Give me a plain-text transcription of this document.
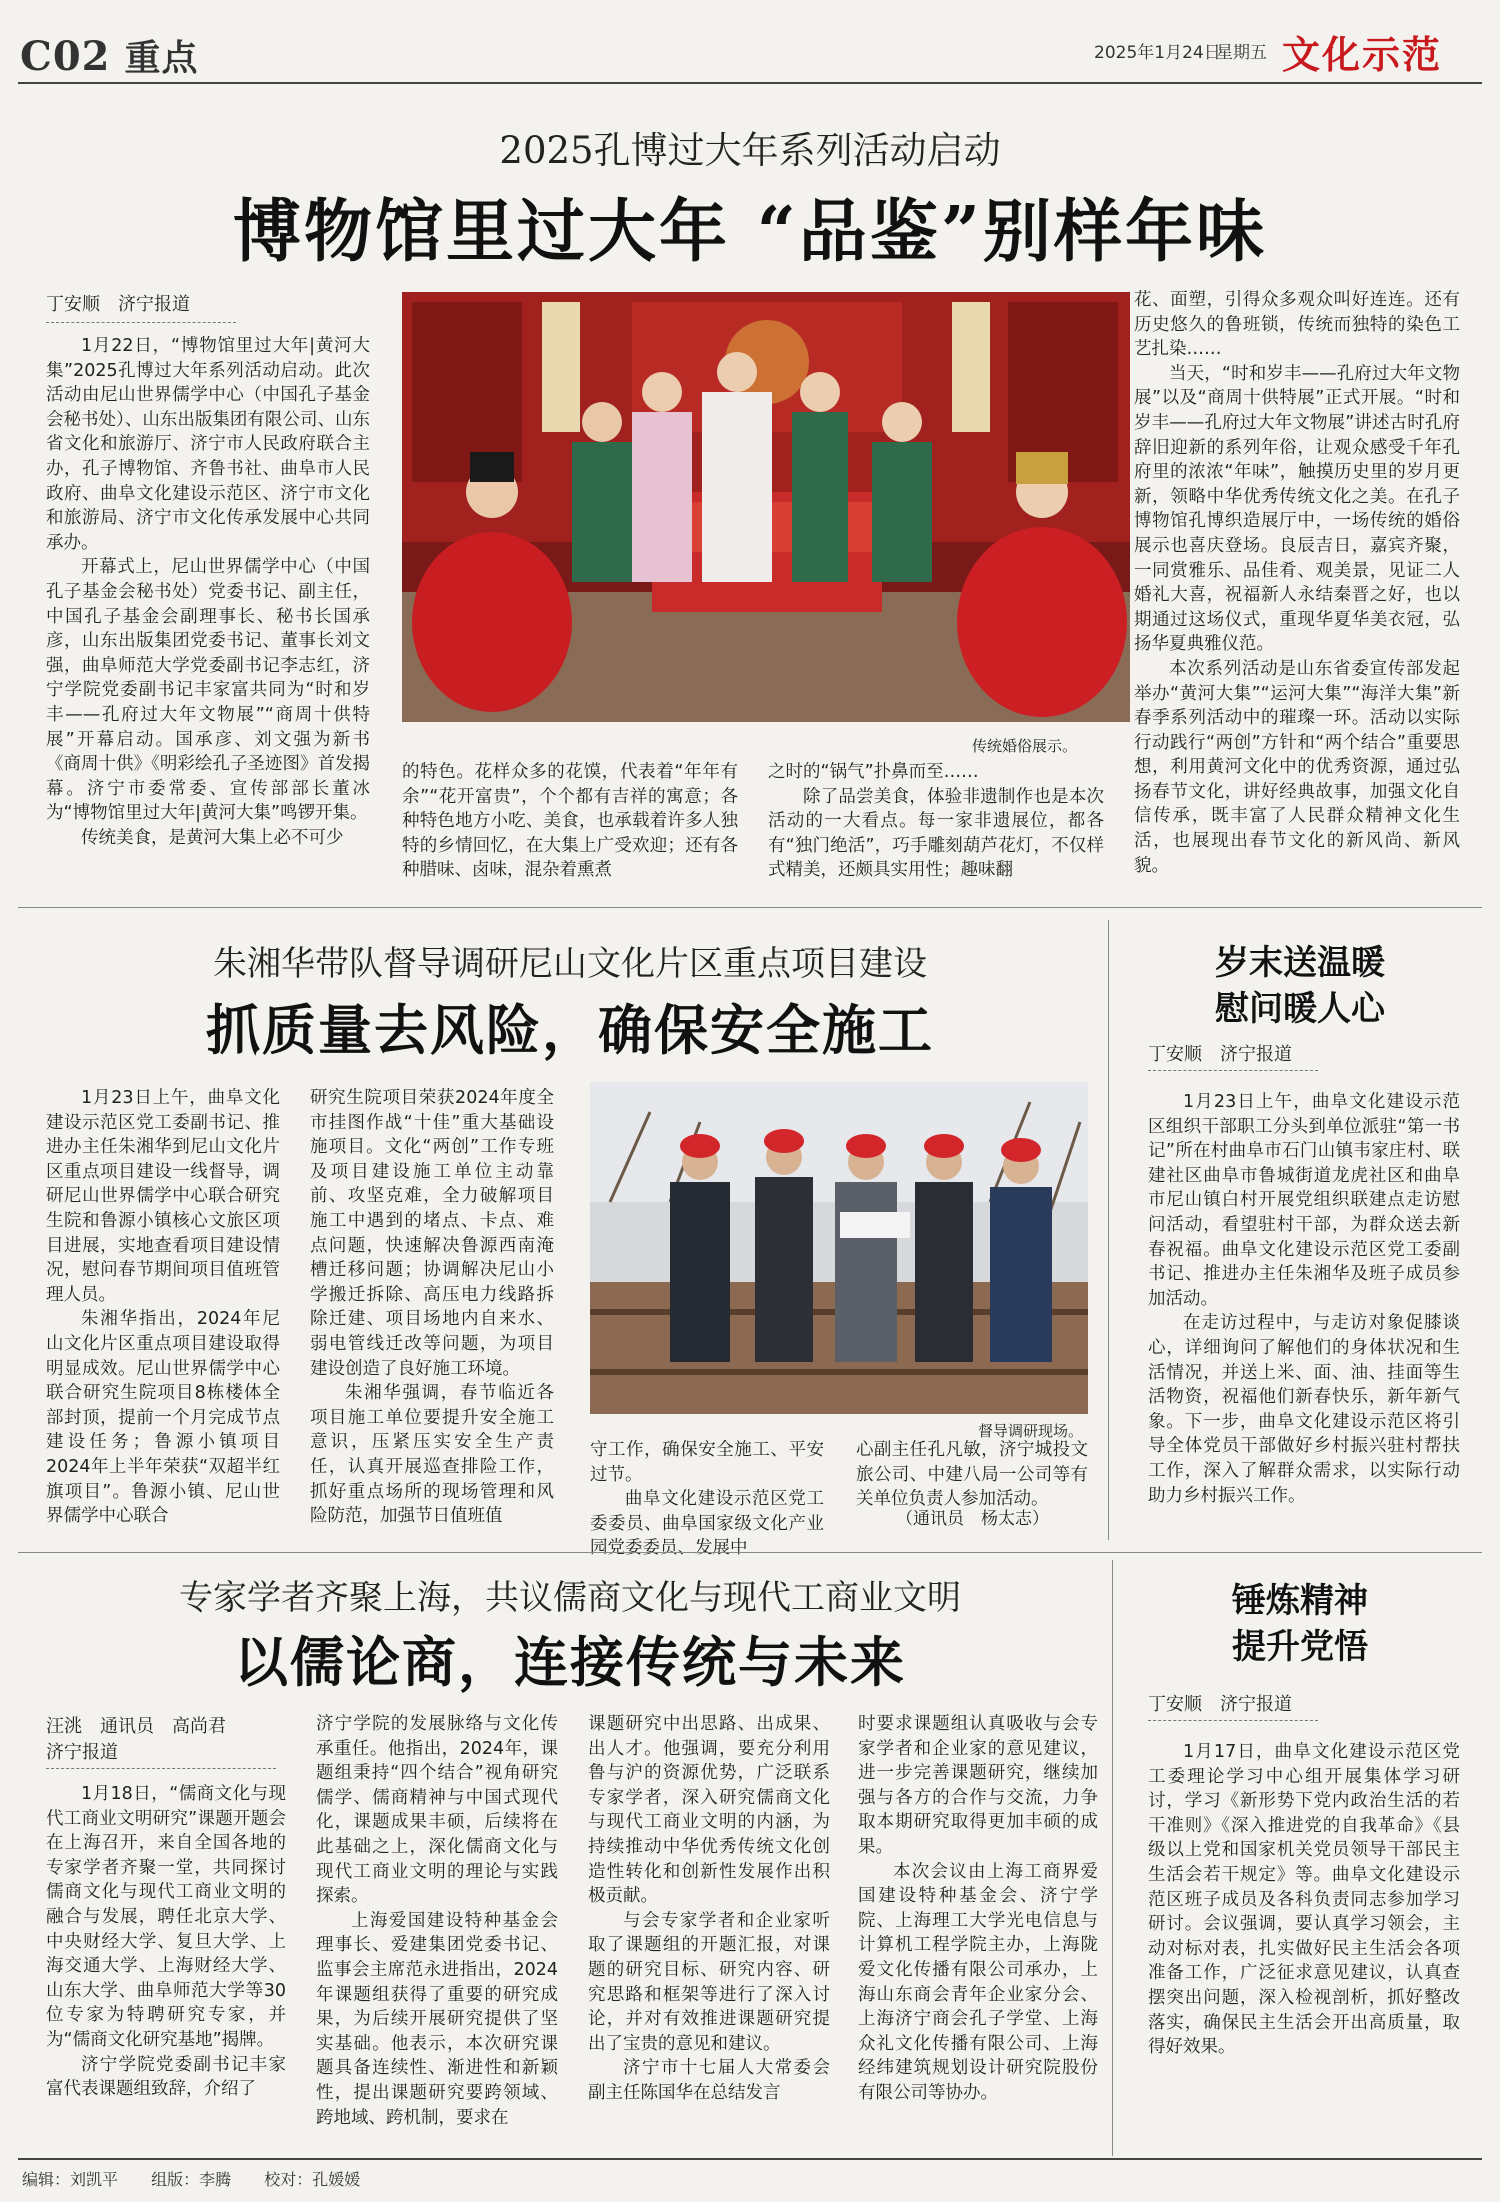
C02 重点	2025年1月24日
星期五 文化示范
2025孔博过大年系列活动启动
博物馆里过大年 “品鉴”别样年味
丁安顺　济宁报道

1月22日，“博物馆里过大年|黄河大集”2025孔博过大年系列活动启动。此次活动由尼山世界儒学中心（中国孔子基金会秘书处）、山东出版集团有限公司、山东省文化和旅游厅、济宁市人民政府联合主办，孔子博物馆、齐鲁书社、曲阜市人民政府、曲阜文化建设示范区、济宁市文化和旅游局、济宁市文化传承发展中心共同承办。

开幕式上，尼山世界儒学中心（中国孔子基金会秘书处）党委书记、副主任，中国孔子基金会副理事长、秘书长国承彦，山东出版集团党委书记、董事长刘文强，曲阜师范大学党委副书记李志红，济宁学院党委副书记丰家富共同为“时和岁丰——孔府过大年文物展”“商周十供特展”开幕启动。国承彦、刘文强为新书《商周十供》《明彩绘孔子圣迹图》首发揭幕。济宁市委常委、宣传部部长董冰为“博物馆里过大年|黄河大集”鸣锣开集。

传统美食，是黄河大集上必不可少

传统婚俗展示。

的特色。花样众多的花馍，代表着“年年有余”“花开富贵”，个个都有吉祥的寓意；各种特色地方小吃、美食，也承载着许多人独特的乡情回忆，在大集上广受欢迎；还有各种腊味、卤味，混杂着熏煮

之时的“锅气”扑鼻而至……

除了品尝美食，体验非遗制作也是本次活动的一大看点。每一家非遗展位，都各有“独门绝活”，巧手雕刻葫芦花灯，不仅样式精美，还颇具实用性；趣味翻

花、面塑，引得众多观众叫好连连。还有历史悠久的鲁班锁，传统而独特的染色工艺扎染……

当天，“时和岁丰——孔府过大年文物展”以及“商周十供特展”正式开展。“时和岁丰——孔府过大年文物展”讲述古时孔府辞旧迎新的系列年俗，让观众感受千年孔府里的浓浓“年味”，触摸历史里的岁月更新，领略中华优秀传统文化之美。在孔子博物馆孔博织造展厅中，一场传统的婚俗展示也喜庆登场。良辰吉日，嘉宾齐聚，一同赏雅乐、品佳肴、观美景，见证二人婚礼大喜，祝福新人永结秦晋之好，也以期通过这场仪式，重现华夏华美衣冠，弘扬华夏典雅仪范。

本次系列活动是山东省委宣传部发起举办“黄河大集”“运河大集”“海洋大集”新春季系列活动中的璀璨一环。活动以实际行动践行“两创”方针和“两个结合”重要思想，利用黄河文化中的优秀资源，通过弘扬春节文化，讲好经典故事，加强文化自信传承，既丰富了人民群众精神文化生活，也展现出春节文化的新风尚、新风貌。

朱湘华带队督导调研尼山文化片区重点项目建设
抓质量去风险，确保安全施工

1月23日上午，曲阜文化建设示范区党工委副书记、推进办主任朱湘华到尼山文化片区重点项目建设一线督导，调研尼山世界儒学中心联合研究生院和鲁源小镇核心文旅区项目进展，实地查看项目建设情况，慰问春节期间项目值班管理人员。

朱湘华指出，2024年尼山文化片区重点项目建设取得明显成效。尼山世界儒学中心联合研究生院项目8栋楼体全部封顶，提前一个月完成节点建设任务；鲁源小镇项目2024年上半年荣获“双超半红旗项目”。鲁源小镇、尼山世界儒学中心联合

研究生院项目荣获2024年度全市挂图作战“十佳”重大基础设施项目。文化“两创”工作专班及项目建设施工单位主动靠前、攻坚克难，全力破解项目施工中遇到的堵点、卡点、难点问题，快速解决鲁源西南淹槽迁移问题；协调解决尼山小学搬迁拆除、高压电力线路拆除迁建、项目场地内自来水、弱电管线迁改等问题，为项目建设创造了良好施工环境。

朱湘华强调，春节临近各项目施工单位要提升安全施工意识，压紧压实安全生产责任，认真开展巡查排险工作，抓好重点场所的现场管理和风险防范，加强节日值班值

督导调研现场。

守工作，确保安全施工、平安过节。

曲阜文化建设示范区党工委委员、曲阜国家级文化产业园党委委员、发展中

心副主任孔凡敏，济宁城投文旅公司、中建八局一公司等有关单位负责人参加活动。

（通讯员　杨太志）
岁末送温暖
慰问暖人心
丁安顺　济宁报道

1月23日上午，曲阜文化建设示范区组织干部职工分头到单位派驻“第一书记”所在村曲阜市石门山镇韦家庄村、联建社区曲阜市鲁城街道龙虎社区和曲阜市尼山镇白村开展党组织联建点走访慰问活动，看望驻村干部，为群众送去新春祝福。曲阜文化建设示范区党工委副书记、推进办主任朱湘华及班子成员参加活动。

在走访过程中，与走访对象促膝谈心，详细询问了解他们的身体状况和生活情况，并送上米、面、油、挂面等生活物资，祝福他们新春快乐，新年新气象。下一步，曲阜文化建设示范区将引导全体党员干部做好乡村振兴驻村帮扶工作，深入了解群众需求，以实际行动助力乡村振兴工作。

专家学者齐聚上海，共议儒商文化与现代工商业文明
以儒论商，连接传统与未来
汪洮　通讯员　高尚君
济宁报道

1月18日，“儒商文化与现代工商业文明研究”课题开题会在上海召开，来自全国各地的专家学者齐聚一堂，共同探讨儒商文化与现代工商业文明的融合与发展，聘任北京大学、中央财经大学、复旦大学、上海交通大学、上海财经大学、山东大学、曲阜师范大学等30位专家为特聘研究专家，并为“儒商文化研究基地”揭牌。

济宁学院党委副书记丰家富代表课题组致辞，介绍了

济宁学院的发展脉络与文化传承重任。他指出，2024年，课题组秉持“四个结合”视角研究儒学、儒商精神与中国式现代化，课题成果丰硕，后续将在此基础之上，深化儒商文化与现代工商业文明的理论与实践探索。

上海爱国建设特种基金会理事长、爱建集团党委书记、监事会主席范永进指出，2024年课题组获得了重要的研究成果，为后续开展研究提供了坚实基础。他表示，本次研究课题具备连续性、渐进性和新颖性，提出课题研究要跨领域、跨地域、跨机制，要求在

课题研究中出思路、出成果、出人才。他强调，要充分利用鲁与沪的资源优势，广泛联系专家学者，深入研究儒商文化与现代工商业文明的内涵，为持续推动中华优秀传统文化创造性转化和创新性发展作出积极贡献。

与会专家学者和企业家听取了课题组的开题汇报，对课题的研究目标、研究内容、研究思路和框架等进行了深入讨论，并对有效推进课题研究提出了宝贵的意见和建议。

济宁市十七届人大常委会副主任陈国华在总结发言

时要求课题组认真吸收与会专家学者和企业家的意见建议，进一步完善课题研究，继续加强与各方的合作与交流，力争取本期研究取得更加丰硕的成果。

本次会议由上海工商界爱国建设特种基金会、济宁学院、上海理工大学光电信息与计算机工程学院主办，上海陇爱文化传播有限公司承办，上海山东商会青年企业家分会、上海济宁商会孔子学堂、上海众礼文化传播有限公司、上海经纬建筑规划设计研究院股份有限公司等协办。

锤炼精神
提升党悟
丁安顺　济宁报道

1月17日，曲阜文化建设示范区党工委理论学习中心组开展集体学习研讨，学习《新形势下党内政治生活的若干准则》《深入推进党的自我革命》《县级以上党和国家机关党员领导干部民主生活会若干规定》等。曲阜文化建设示范区班子成员及各科负责同志参加学习研讨。会议强调，要认真学习领会，主动对标对表，扎实做好民主生活会各项准备工作，广泛征求意见建议，认真查摆突出问题，深入检视剖析，抓好整改落实，确保民主生活会开出高质量，取得好效果。

编辑：刘凯平 组版：李腾 校对：孔媛媛
